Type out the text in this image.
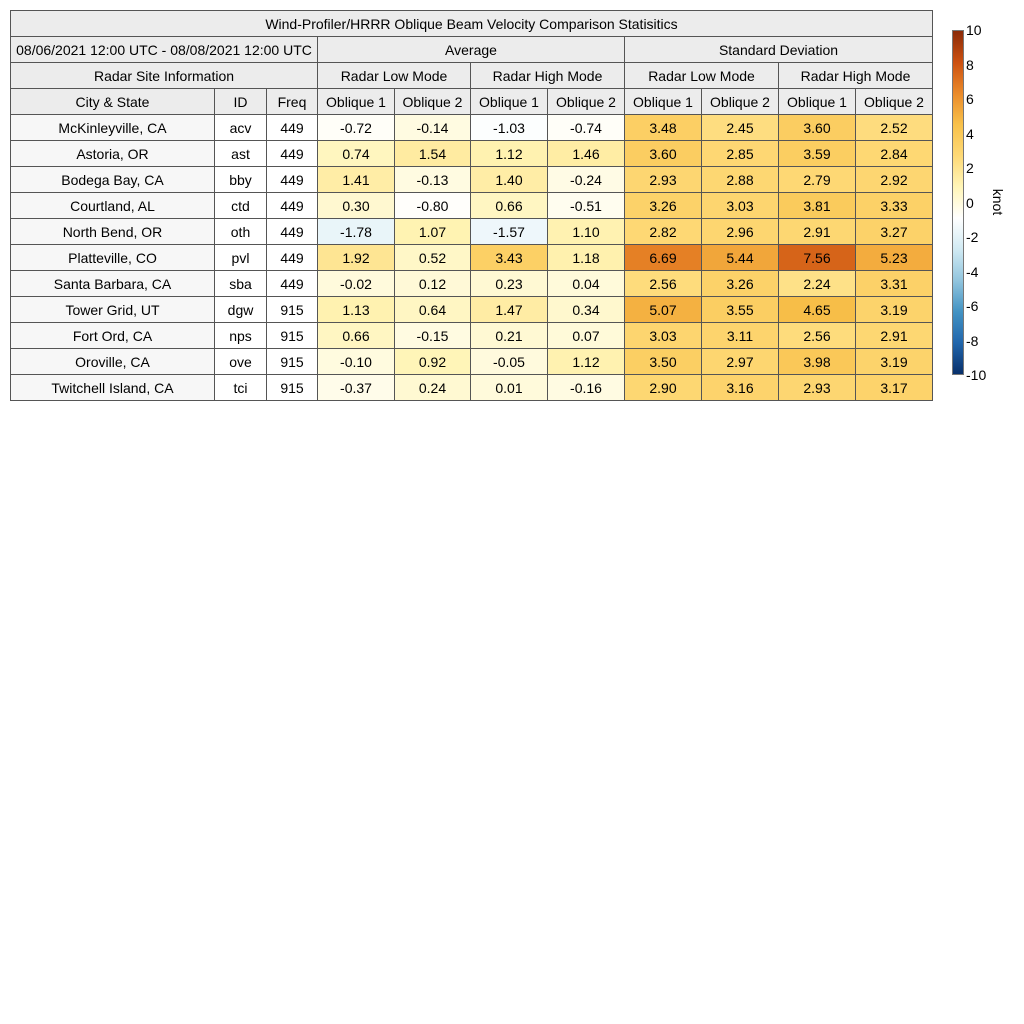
Wind-Profiler/HRRR Oblique Beam Velocity Comparison Statisitics										
08/06/2021 12:00 UTC - 08/08/2021 12:00 UTC			Average				Standard Deviation			
Radar Site Information			Radar Low Mode		Radar High Mode		Radar Low Mode		Radar High Mode	
City & State	ID	Freq	Oblique 1	Oblique 2	Oblique 1	Oblique 2	Oblique 1	Oblique 2	Oblique 1	Oblique 2
McKinleyville, CA	acv	449	-0.72	-0.14	-1.03	-0.74	3.48	2.45	3.60	2.52
Astoria, OR	ast	449	0.74	1.54	1.12	1.46	3.60	2.85	3.59	2.84
Bodega Bay, CA	bby	449	1.41	-0.13	1.40	-0.24	2.93	2.88	2.79	2.92
Courtland, AL	ctd	449	0.30	-0.80	0.66	-0.51	3.26	3.03	3.81	3.33
North Bend, OR	oth	449	-1.78	1.07	-1.57	1.10	2.82	2.96	2.91	3.27
Platteville, CO	pvl	449	1.92	0.52	3.43	1.18	6.69	5.44	7.56	5.23
Santa Barbara, CA	sba	449	-0.02	0.12	0.23	0.04	2.56	3.26	2.24	3.31
Tower Grid, UT	dgw	915	1.13	0.64	1.47	0.34	5.07	3.55	4.65	3.19
Fort Ord, CA	nps	915	0.66	-0.15	0.21	0.07	3.03	3.11	2.56	2.91
Oroville, CA	ove	915	-0.10	0.92	-0.05	1.12	3.50	2.97	3.98	3.19
Twitchell Island, CA	tci	915	-0.37	0.24	0.01	-0.16	2.90	3.16	2.93	3.17
10
8
6
4
2
0
-2
-4
-6
-8
-10
knot
